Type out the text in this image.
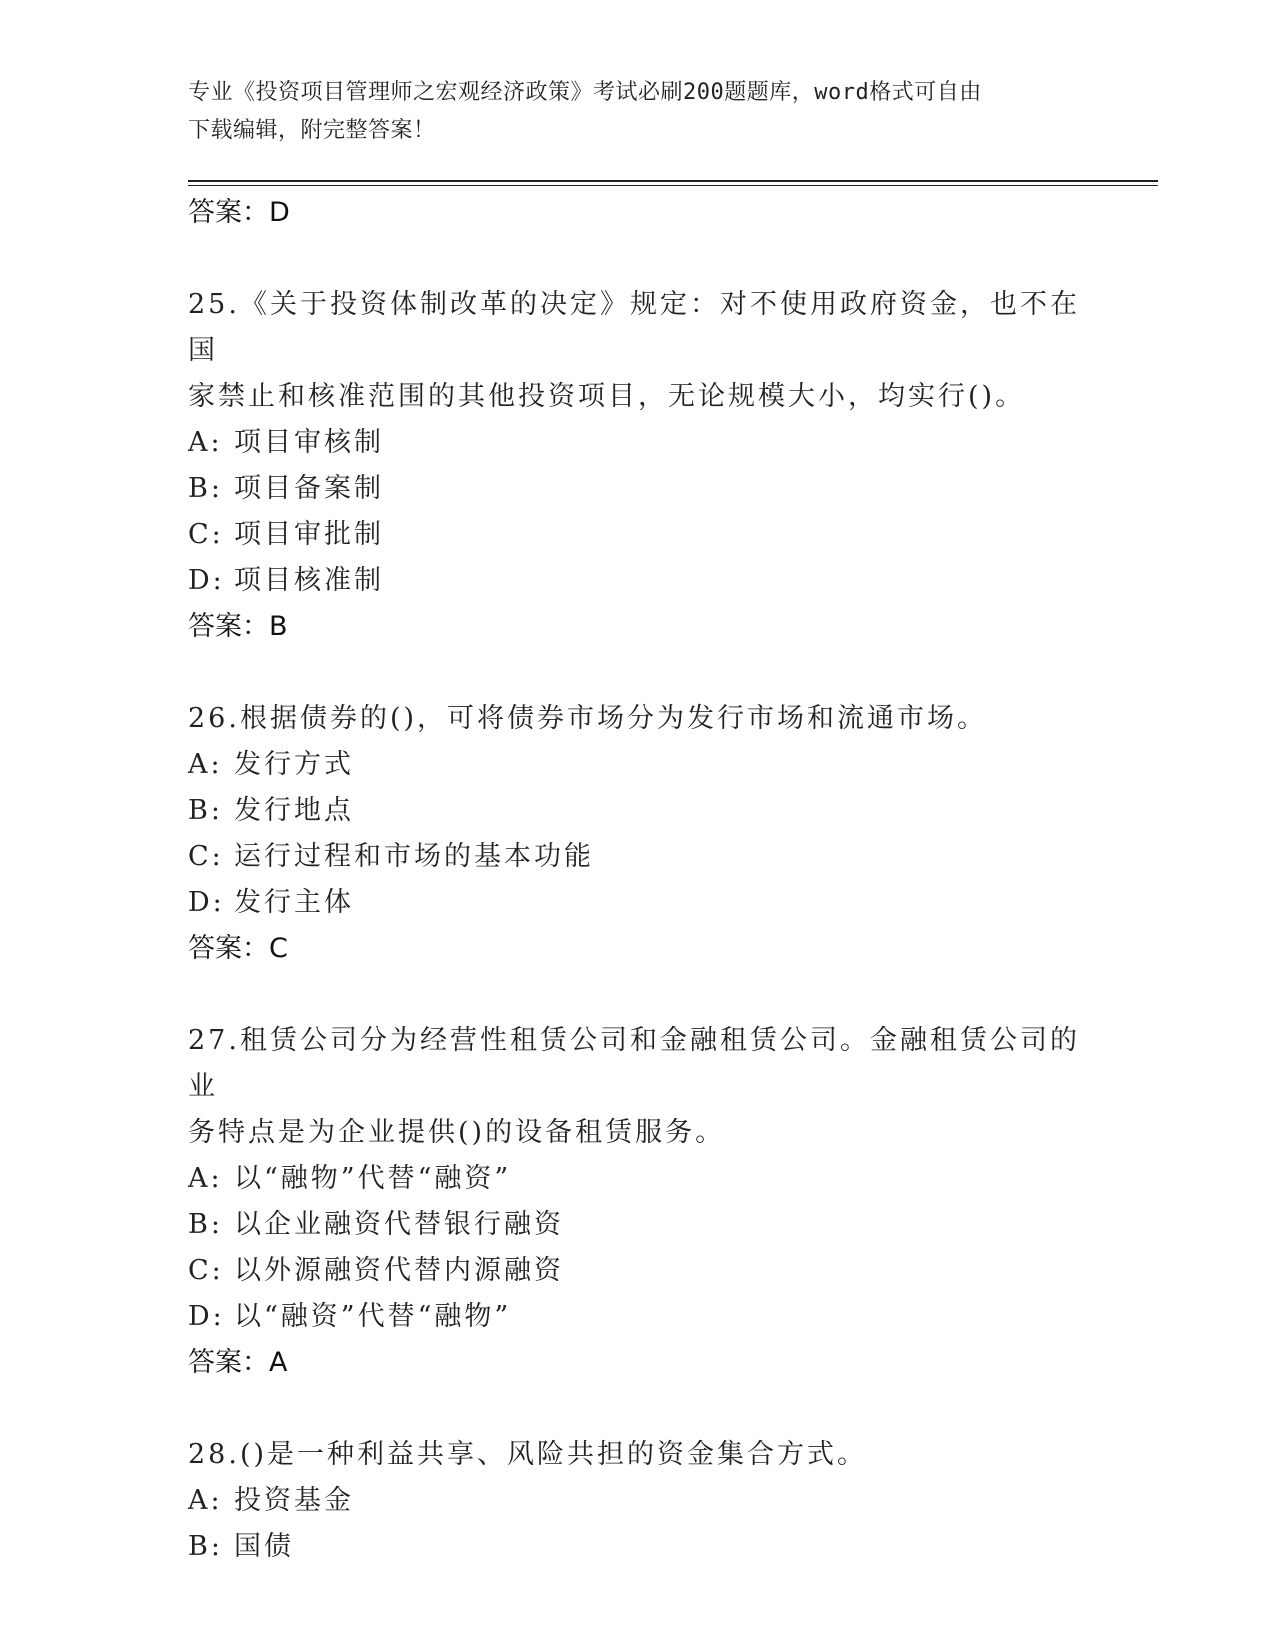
专业《投资项目管理师之宏观经济政策》考试必刷200题题库，word格式可自由
下载编辑，附完整答案！
答案：D
25.《关于投资体制改革的决定》规定：对不使用政府资金，也不在国
家禁止和核准范围的其他投资项目，无论规模大小，均实行()。
A: 项目审核制
B: 项目备案制
C: 项目审批制
D: 项目核准制
答案：B
26.根据债券的()，可将债券市场分为发行市场和流通市场。
A: 发行方式
B: 发行地点
C: 运行过程和市场的基本功能
D: 发行主体
答案：C
27.租赁公司分为经营性租赁公司和金融租赁公司。金融租赁公司的业
务特点是为企业提供()的设备租赁服务。
A: 以“融物”代替“融资”
B: 以企业融资代替银行融资
C: 以外源融资代替内源融资
D: 以“融资”代替“融物”
答案：A
28.()是一种利益共享、风险共担的资金集合方式。
A: 投资基金
B: 国债
